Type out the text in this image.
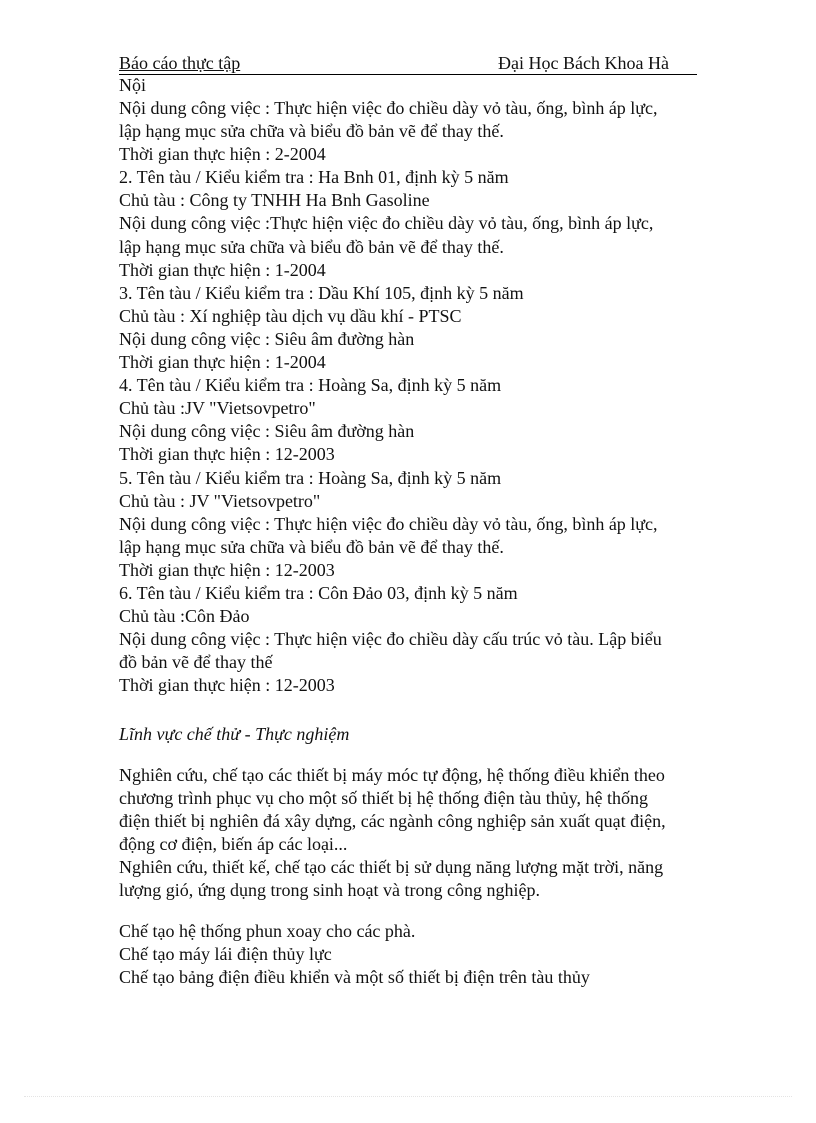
Báo cáo thực tập	Đại Học Bách Khoa Hà
Nội
Nội dung công việc : Thực hiện việc đo chiều dày vỏ tàu, ống, bình áp lực,
lập hạng mục sửa chữa và biểu đồ bản vẽ để thay thế.
Thời gian thực hiện : 2-2004
2. Tên tàu / Kiểu kiểm tra : Ha Bnh 01, định kỳ 5 năm
Chủ tàu : Công ty TNHH Ha Bnh Gasoline
Nội dung công việc :Thực hiện việc đo chiều dày vỏ tàu, ống, bình áp lực,
lập hạng mục sửa chữa và biểu đồ bản vẽ để thay thế.
Thời gian thực hiện : 1-2004
3. Tên tàu / Kiểu kiểm tra : Dầu Khí 105, định kỳ 5 năm
Chủ tàu : Xí nghiệp tàu dịch vụ dầu khí - PTSC
Nội dung công việc : Siêu âm đường hàn
Thời gian thực hiện : 1-2004
4. Tên tàu / Kiểu kiểm tra : Hoàng Sa, định kỳ 5 năm
Chủ tàu :JV "Vietsovpetro"
Nội dung công việc : Siêu âm đường hàn
Thời gian thực hiện : 12-2003
5. Tên tàu / Kiểu kiểm tra : Hoàng Sa, định kỳ 5 năm
Chủ tàu : JV "Vietsovpetro"
Nội dung công việc : Thực hiện việc đo chiều dày vỏ tàu, ống, bình áp lực,
lập hạng mục sửa chữa và biểu đồ bản vẽ để thay thế.
Thời gian thực hiện : 12-2003
6. Tên tàu / Kiểu kiểm tra : Côn Đảo 03, định kỳ 5 năm
Chủ tàu :Côn Đảo
Nội dung công việc : Thực hiện việc đo chiều dày cấu trúc vỏ tàu. Lập biểu
đồ bản vẽ để thay thế
Thời gian thực hiện : 12-2003
Lĩnh vực chế thử - Thực nghiệm
Nghiên cứu, chế tạo các thiết bị máy móc tự động, hệ thống điều khiển theo
chương trình phục vụ cho một số thiết bị hệ thống điện tàu thủy, hệ thống
điện thiết bị nghiên đá xây dựng, các ngành công nghiệp sản xuất quạt điện,
động cơ điện, biến áp các loại...
Nghiên cứu, thiết kế, chế tạo các thiết bị sử dụng năng lượng mặt trời, năng
lượng gió, ứng dụng trong sinh hoạt và trong công nghiệp.
Chế tạo hệ thống phun xoay cho các phà.
Chế tạo máy lái điện thủy lực
Chế tạo bảng điện điều khiển và một số thiết bị điện trên tàu thủy
